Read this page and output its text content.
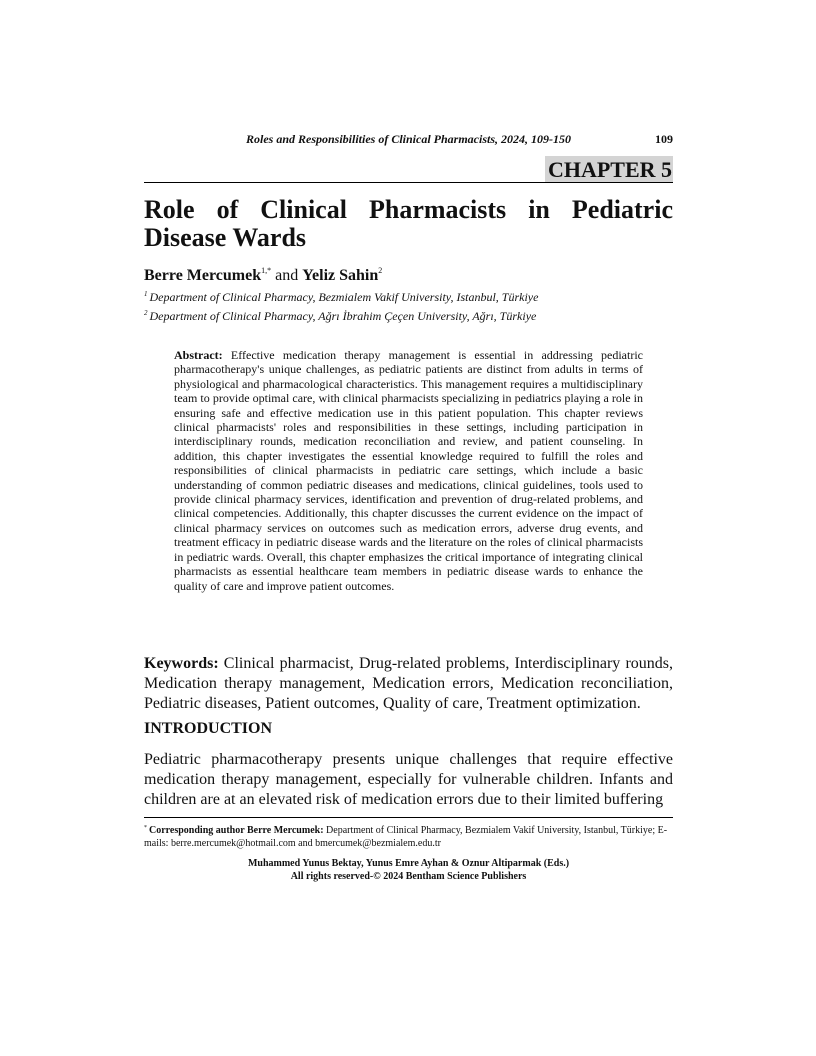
Roles and Responsibilities of Clinical Pharmacists, 2024, 109-150	109
CHAPTER 5
Role of Clinical Pharmacists in Pediatric Disease Wards
Berre Mercumek$^{1,*}$ and Yeliz Sahin$^2$
$^1$ Department of Clinical Pharmacy, Bezmialem Vakif University, Istanbul, Türkiye
$^2$ Department of Clinical Pharmacy, Ağrı İbrahim Çeçen University, Ağrı, Türkiye

Abstract: Effective medication therapy management is essential in addressing pediatric pharmacotherapy's unique challenges, as pediatric patients are distinct from adults in terms of physiological and pharmacological characteristics. This management requires a multidisciplinary team to provide optimal care, with clinical pharmacists specializing in pediatrics playing a role in ensuring safe and effective medication use in this patient population. This chapter reviews clinical pharmacists' roles and responsibilities in these settings, including participation in interdisciplinary rounds, medication reconciliation and review, and patient counseling. In addition, this chapter investigates the essential knowledge required to fulfill the roles and responsibilities of clinical pharmacists in pediatric care settings, which include a basic understanding of common pediatric diseases and medications, clinical guidelines, tools used to provide clinical pharmacy services, identification and prevention of drug-related problems, and clinical competencies. Additionally, this chapter discusses the current evidence on the impact of clinical pharmacy services on outcomes such as medication errors, adverse drug events, and treatment efficacy in pediatric disease wards and the literature on the roles of clinical pharmacists in pediatric wards. Overall, this chapter emphasizes the critical importance of integrating clinical pharmacists as essential healthcare team members in pediatric disease wards to enhance the quality of care and improve patient outcomes.

Keywords: Clinical pharmacist, Drug-related problems, Interdisciplinary rounds, Medication therapy management, Medication errors, Medication reconciliation, Pediatric diseases, Patient outcomes, Quality of care, Treatment optimization.

INTRODUCTION

Pediatric pharmacotherapy presents unique challenges that require effective medication therapy management, especially for vulnerable children. Infants and children are at an elevated risk of medication errors due to their limited buffering

* Corresponding author Berre Mercumek: Department of Clinical Pharmacy, Bezmialem Vakif University, Istanbul, Türkiye; E-mails: berre.mercumek@hotmail.com and bmercumek@bezmialem.edu.tr

Muhammed Yunus Bektay, Yunus Emre Ayhan & Oznur Altiparmak (Eds.)
All rights reserved-© 2024 Bentham Science Publishers
